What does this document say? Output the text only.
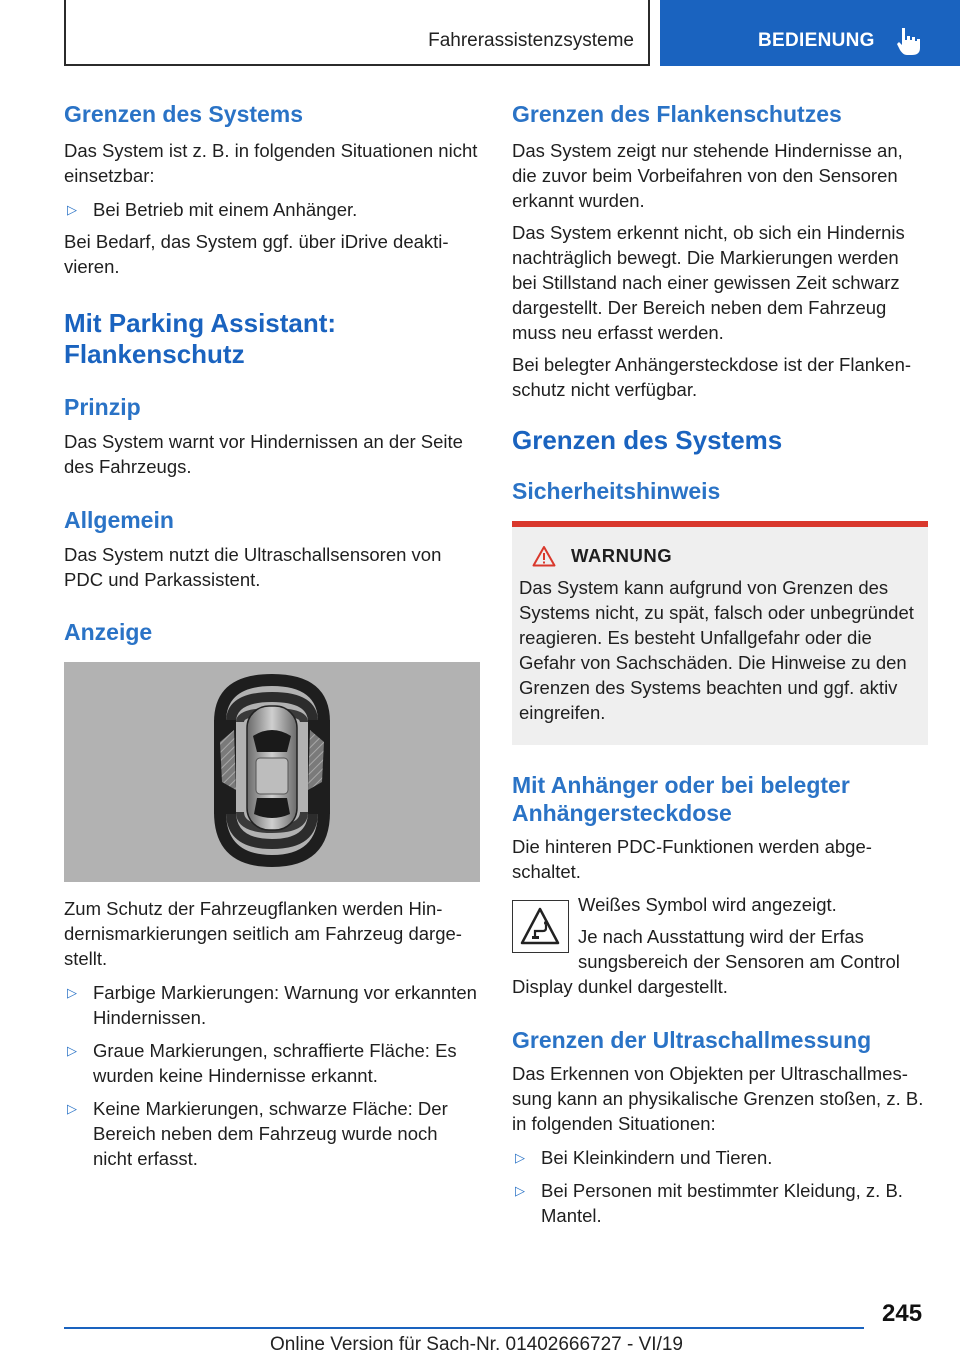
Fahrerassistenzsysteme	BEDIENUNG
Grenzen des Systems

Das System ist z. B. in folgenden Situationen nicht einsetzbar:

▷ Bei Betrieb mit einem Anhänger.

Bei Bedarf, das System ggf. über iDrive deaktivieren.

Mit Parking Assistant: Flankenschutz
Prinzip

Das System warnt vor Hindernissen an der Seite des Fahrzeugs.

Allgemein

Das System nutzt die Ultraschallsensoren von PDC und Parkassistent.

Anzeige

Zum Schutz der Fahrzeugflanken werden Hindernismarkierungen seitlich am Fahrzeug dargestellt.

▷ Farbige Markierungen: Warnung vor erkannten Hindernissen.
▷ Graue Markierungen, schraffierte Fläche: Es wurden keine Hindernisse erkannt.
▷ Keine Markierungen, schwarze Fläche: Der Bereich neben dem Fahrzeug wurde noch nicht erfasst.
Grenzen des Flankenschutzes

Das System zeigt nur stehende Hindernisse an, die zuvor beim Vorbeifahren von den Sensoren erkannt wurden.

Das System erkennt nicht, ob sich ein Hindernis nachträglich bewegt. Die Markierungen werden bei Stillstand nach einer gewissen Zeit schwarz dargestellt. Der Bereich neben dem Fahrzeug muss neu erfasst werden.

Bei belegter Anhängersteckdose ist der Flankenschutz nicht verfügbar.

Grenzen des Systems
Sicherheitshinweis
WARNUNG

Das System kann aufgrund von Grenzen des Systems nicht, zu spät, falsch oder unbegründet reagieren. Es besteht Unfallgefahr oder die Gefahr von Sachschäden. Die Hinweise zu den Grenzen des Systems beachten und ggf. aktiv eingreifen.

Mit Anhänger oder bei belegter Anhängersteckdose

Die hinteren PDC-Funktionen werden abgeschaltet.

Weißes Symbol wird angezeigt.

Je nach Ausstattung wird der Erfas

sungsbereich der Sensoren am Control

Display dunkel dargestellt.

Grenzen der Ultraschallmessung

Das Erkennen von Objekten per Ultraschallmessung kann an physikalische Grenzen stoßen, z. B. in folgenden Situationen:

▷ Bei Kleinkindern und Tieren.
▷ Bei Personen mit bestimmter Kleidung, z. B. Mantel.
245
Online Version für Sach-Nr. 01402666727 - VI/19
